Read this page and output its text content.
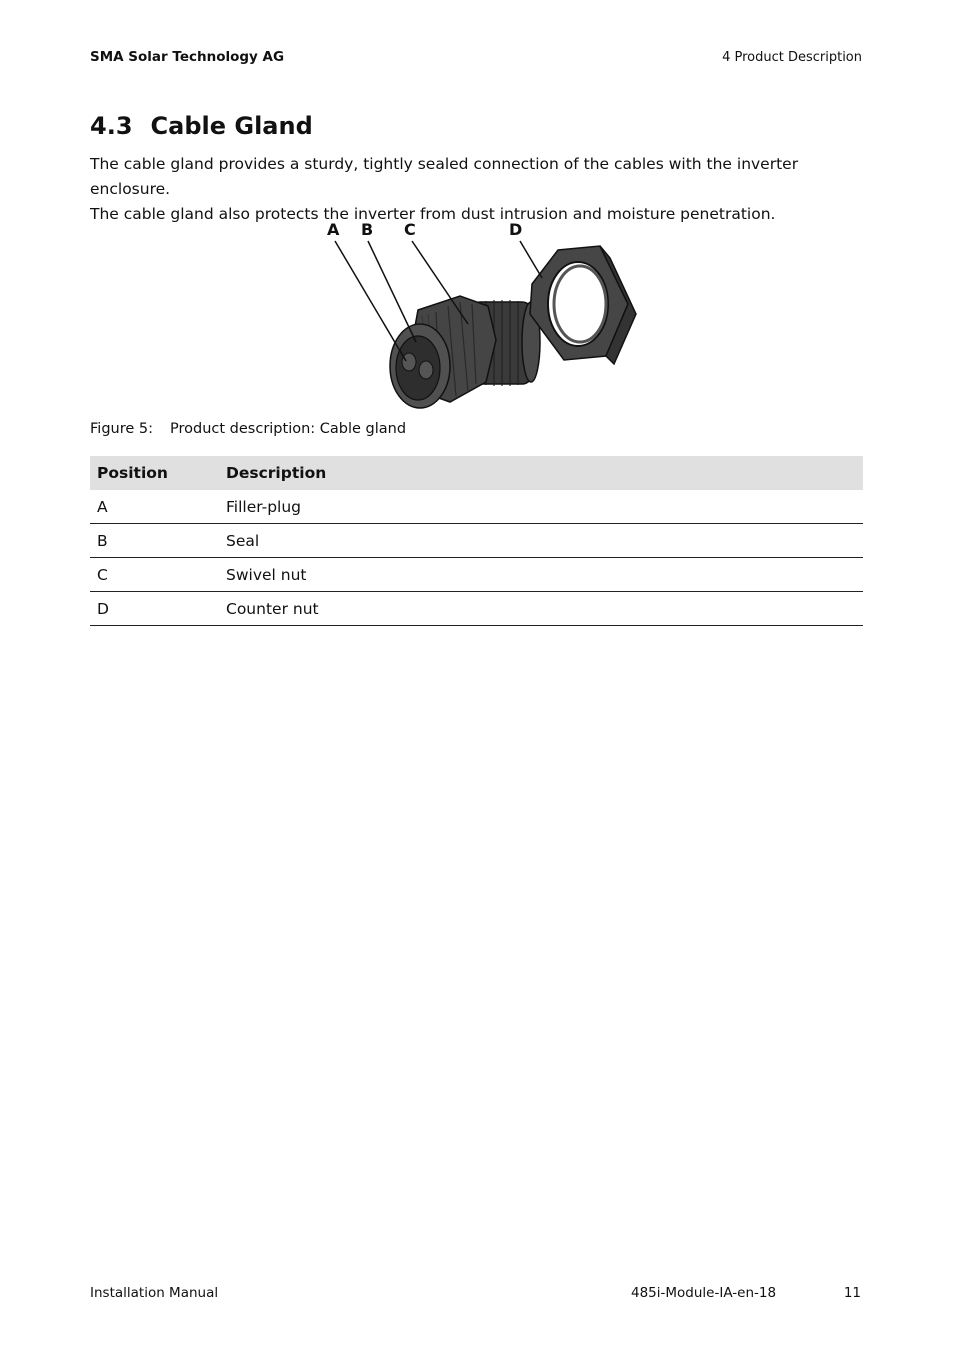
SMA Solar Technology AG	4 Product Description
4.3 Cable Gland

The cable gland provides a sturdy, tightly sealed connection of the cables with the inverter enclosure.

The cable gland also protects the inverter from dust intrusion and moisture penetration.

A B C	D
Figure 5:	Product description: Cable gland
Position	Description
A	Filler-plug
B	Seal
C	Swivel nut
D	Counter nut
Installation Manual	485i-Module-IA-en-18	11
